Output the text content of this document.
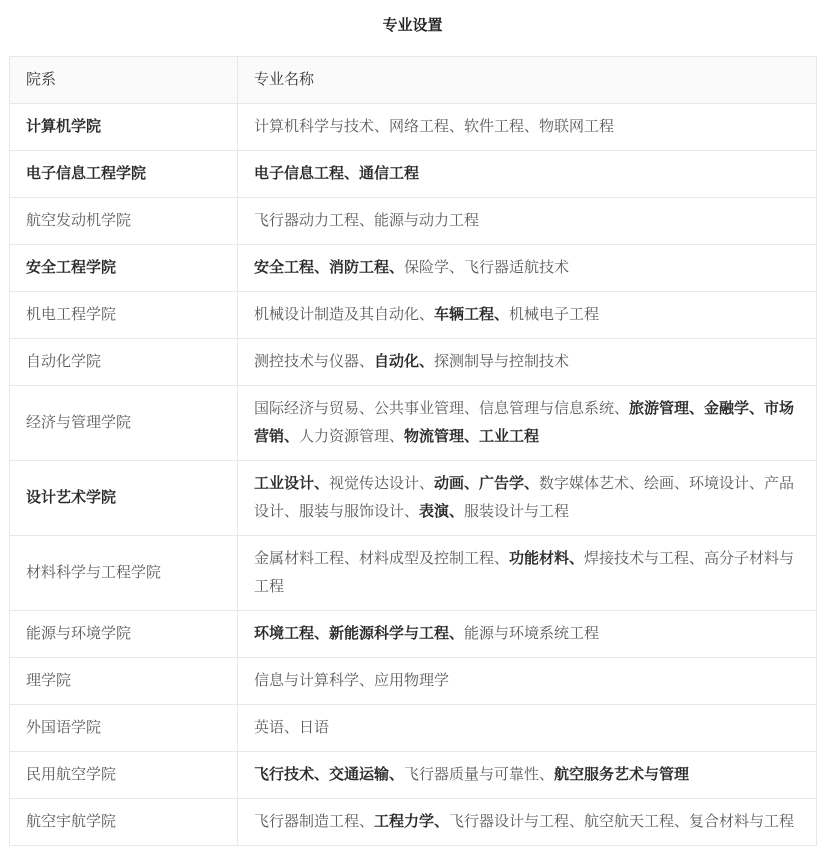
专业设置
院系	专业名称
计算机学院	计算机科学与技术、网络工程、软件工程、物联网工程
电子信息工程学院	电子信息工程、通信工程
航空发动机学院	飞行器动力工程、能源与动力工程
安全工程学院	安全工程、消防工程、保险学、飞行器适航技术
机电工程学院	机械设计制造及其自动化、车辆工程、机械电子工程
自动化学院	测控技术与仪器、自动化、探测制导与控制技术
经济与管理学院	国际经济与贸易、公共事业管理、信息管理与信息系统、旅游管理、金融学、市场营销、人力资源管理、物流管理、工业工程
设计艺术学院	工业设计、视觉传达设计、动画、广告学、数字媒体艺术、绘画、环境设计、产品设计、服装与服饰设计、表演、服装设计与工程
材料科学与工程学院	金属材料工程、材料成型及控制工程、功能材料、焊接技术与工程、高分子材料与工程
能源与环境学院	环境工程、新能源科学与工程、能源与环境系统工程
理学院	信息与计算科学、应用物理学
外国语学院	英语、日语
民用航空学院	飞行技术、交通运输、飞行器质量与可靠性、航空服务艺术与管理
航空宇航学院	飞行器制造工程、工程力学、飞行器设计与工程、航空航天工程、复合材料与工程
